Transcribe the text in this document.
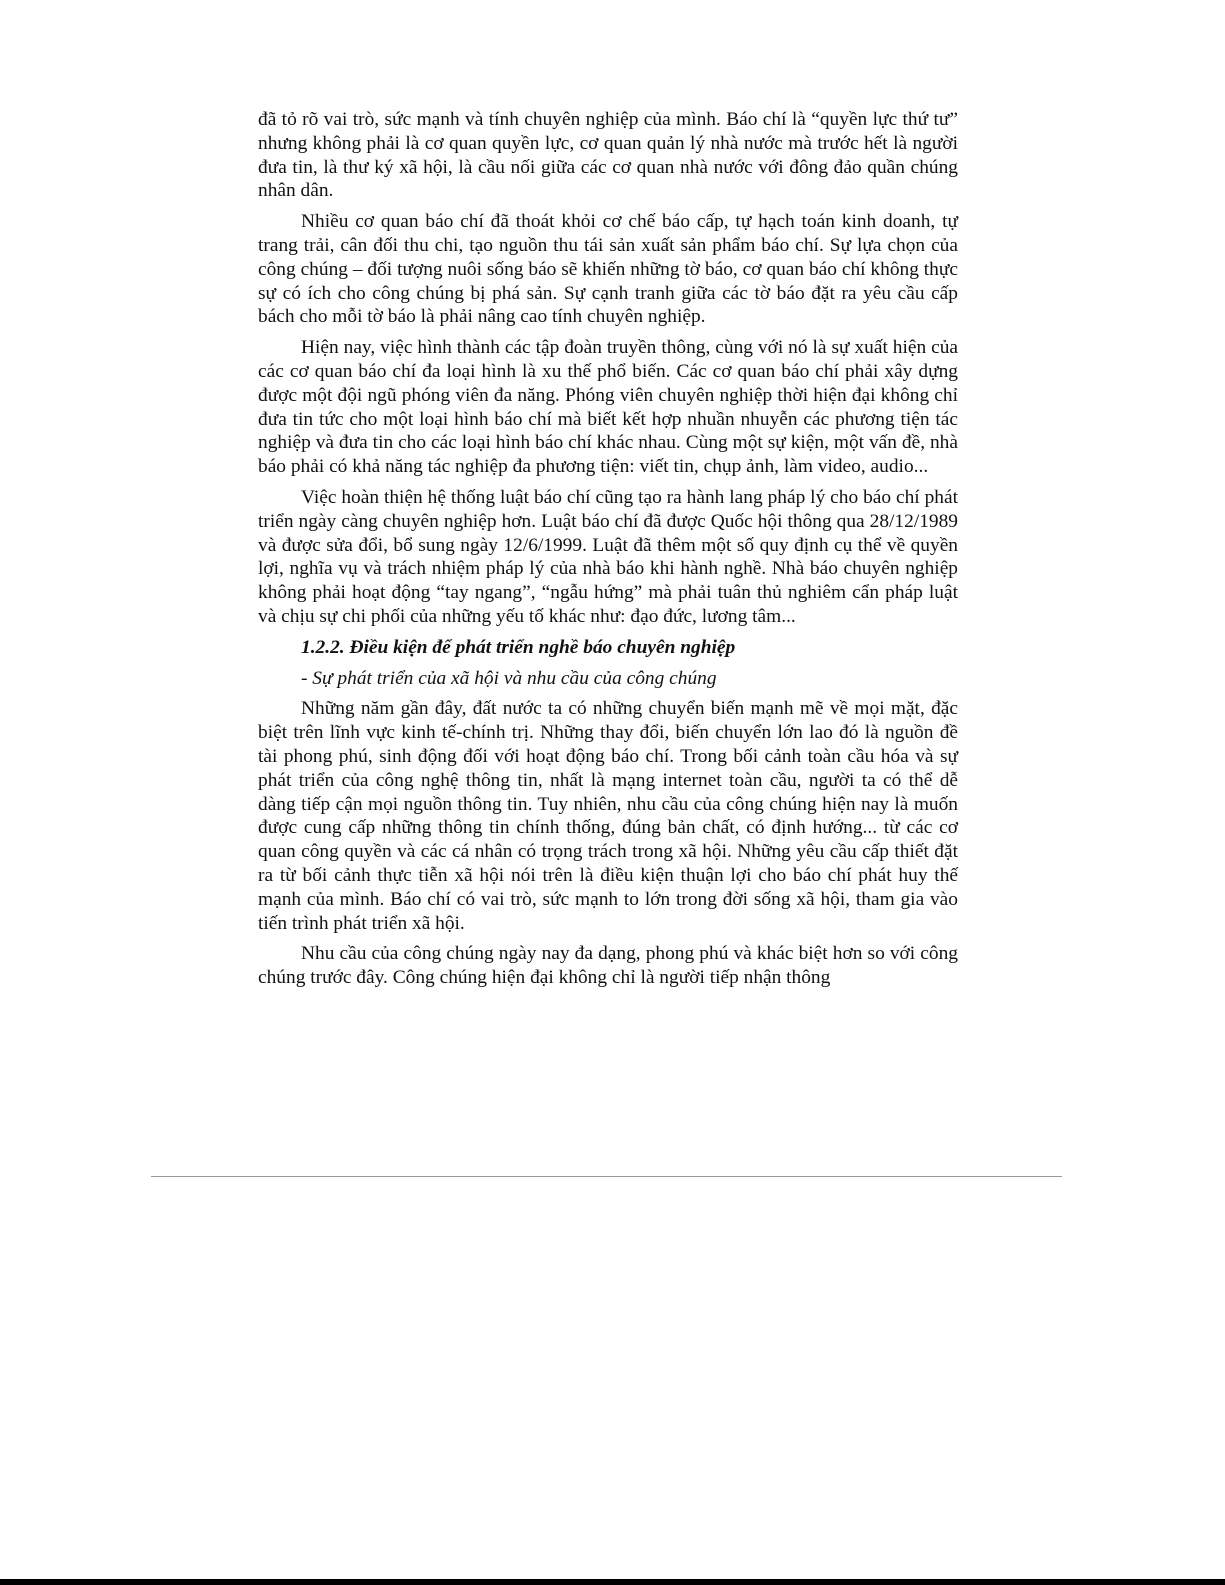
đã tỏ rõ vai trò, sức mạnh và tính chuyên nghiệp của mình. Báo chí là “quyền lực thứ tư” nhưng không phải là cơ quan quyền lực, cơ quan quản lý nhà nước mà trước hết là người đưa tin, là thư ký xã hội, là cầu nối giữa các cơ quan nhà nước với đông đảo quần chúng nhân dân.

Nhiều cơ quan báo chí đã thoát khỏi cơ chế báo cấp, tự hạch toán kinh doanh, tự trang trải, cân đối thu chi, tạo nguồn thu tái sản xuất sản phẩm báo chí. Sự lựa chọn của công chúng – đối tượng nuôi sống báo sẽ khiến những tờ báo, cơ quan báo chí không thực sự có ích cho công chúng bị phá sản. Sự cạnh tranh giữa các tờ báo đặt ra yêu cầu cấp bách cho mỗi tờ báo là phải nâng cao tính chuyên nghiệp.

Hiện nay, việc hình thành các tập đoàn truyền thông, cùng với nó là sự xuất hiện của các cơ quan báo chí đa loại hình là xu thế phổ biến. Các cơ quan báo chí phải xây dựng được một đội ngũ phóng viên đa năng. Phóng viên chuyên nghiệp thời hiện đại không chỉ đưa tin tức cho một loại hình báo chí mà biết kết hợp nhuần nhuyễn các phương tiện tác nghiệp và đưa tin cho các loại hình báo chí khác nhau. Cùng một sự kiện, một vấn đề, nhà báo phải có khả năng tác nghiệp đa phương tiện: viết tin, chụp ảnh, làm video, audio...

Việc hoàn thiện hệ thống luật báo chí cũng tạo ra hành lang pháp lý cho báo chí phát triển ngày càng chuyên nghiệp hơn. Luật báo chí đã được Quốc hội thông qua 28/12/1989 và được sửa đổi, bổ sung ngày 12/6/1999. Luật đã thêm một số quy định cụ thể về quyền lợi, nghĩa vụ và trách nhiệm pháp lý của nhà báo khi hành nghề. Nhà báo chuyên nghiệp không phải hoạt động “tay ngang”, “ngẫu hứng” mà phải tuân thủ nghiêm cẩn pháp luật và chịu sự chi phối của những yếu tố khác như: đạo đức, lương tâm...

1.2.2. Điều kiện để phát triển nghề báo chuyên nghiệp

- Sự phát triển của xã hội và nhu cầu của công chúng

Những năm gần đây, đất nước ta có những chuyển biến mạnh mẽ về mọi mặt, đặc biệt trên lĩnh vực kinh tế-chính trị. Những thay đổi, biến chuyển lớn lao đó là nguồn đề tài phong phú, sinh động đối với hoạt động báo chí. Trong bối cảnh toàn cầu hóa và sự phát triển của công nghệ thông tin, nhất là mạng internet toàn cầu, người ta có thể dễ dàng tiếp cận mọi nguồn thông tin. Tuy nhiên, nhu cầu của công chúng hiện nay là muốn được cung cấp những thông tin chính thống, đúng bản chất, có định hướng... từ các cơ quan công quyền và các cá nhân có trọng trách trong xã hội. Những yêu cầu cấp thiết đặt ra từ bối cảnh thực tiễn xã hội nói trên là điều kiện thuận lợi cho báo chí phát huy thế mạnh của mình. Báo chí có vai trò, sức mạnh to lớn trong đời sống xã hội, tham gia vào tiến trình phát triển xã hội.

Nhu cầu của công chúng ngày nay đa dạng, phong phú và khác biệt hơn so với công chúng trước đây. Công chúng hiện đại không chỉ là người tiếp nhận thông
